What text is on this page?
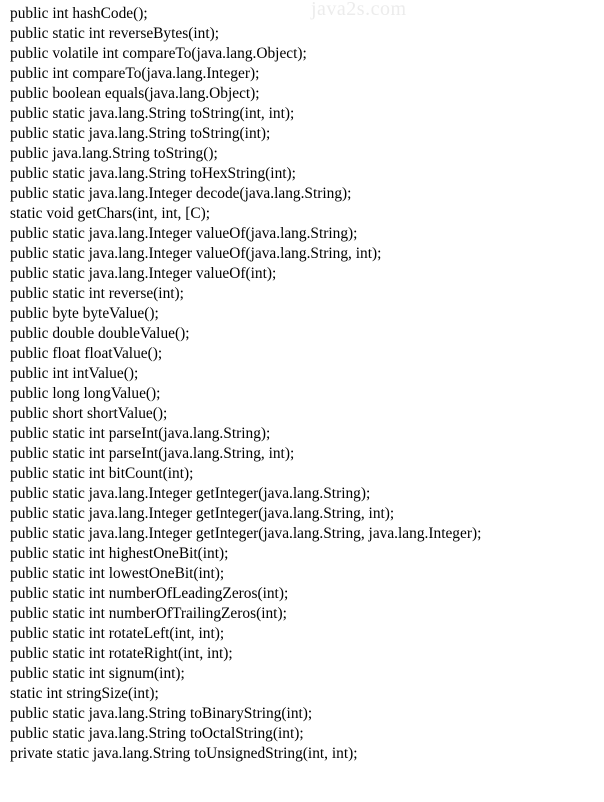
java2s.com
public int hashCode();
public static int reverseBytes(int);
public volatile int compareTo(java.lang.Object);
public int compareTo(java.lang.Integer);
public boolean equals(java.lang.Object);
public static java.lang.String toString(int, int);
public static java.lang.String toString(int);
public java.lang.String toString();
public static java.lang.String toHexString(int);
public static java.lang.Integer decode(java.lang.String);
static void getChars(int, int, [C);
public static java.lang.Integer valueOf(java.lang.String);
public static java.lang.Integer valueOf(java.lang.String, int);
public static java.lang.Integer valueOf(int);
public static int reverse(int);
public byte byteValue();
public double doubleValue();
public float floatValue();
public int intValue();
public long longValue();
public short shortValue();
public static int parseInt(java.lang.String);
public static int parseInt(java.lang.String, int);
public static int bitCount(int);
public static java.lang.Integer getInteger(java.lang.String);
public static java.lang.Integer getInteger(java.lang.String, int);
public static java.lang.Integer getInteger(java.lang.String, java.lang.Integer);
public static int highestOneBit(int);
public static int lowestOneBit(int);
public static int numberOfLeadingZeros(int);
public static int numberOfTrailingZeros(int);
public static int rotateLeft(int, int);
public static int rotateRight(int, int);
public static int signum(int);
static int stringSize(int);
public static java.lang.String toBinaryString(int);
public static java.lang.String toOctalString(int);
private static java.lang.String toUnsignedString(int, int);
